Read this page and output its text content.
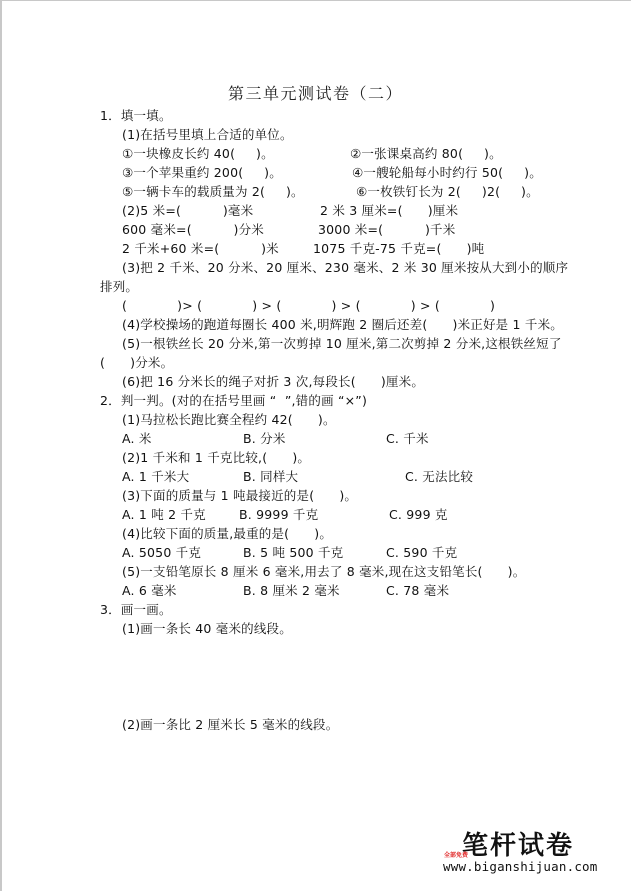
第三单元测试卷（二）
1．填一填。
(1)在括号里填上合适的单位。
①一块橡皮长约 40(     )。	②一张课桌高约 80(     )。
③一个苹果重约 200(     )。	④一艘轮船每小时约行 50(     )。
⑤一辆卡车的载质量为 2(     )。	⑥一枚铁钉长为 2(     )2(     )。
(2)5 米=(          )毫米	2 米 3 厘米=(      )厘米
600 毫米=(          )分米	3000 米=(          )千米
2 千米+60 米=(          )米	1075 千克-75 千克=(      )吨
(3)把 2 千米、20 分米、20 厘米、230 毫米、2 米 30 厘米按从大到小的顺序
排列。
(            )> (            ) > (            ) > (            ) > (            )
(4)学校操场的跑道每圈长 400 米,明辉跑 2 圈后还差(      )米正好是 1 千米。
(5)一根铁丝长 20 分米,第一次剪掉 10 厘米,第二次剪掉 2 分米,这根铁丝短了
(      )分米。
(6)把 16 分米长的绳子对折 3 次,每段长(      )厘米。
2．判一判。(对的在括号里画 “  ”,错的画 “×”)
(1)马拉松长跑比赛全程约 42(      )。
A. 米	B. 分米	C. 千米
(2)1 千米和 1 千克比较,(      )。
A. 1 千米大	B. 同样大	C. 无法比较
(3)下面的质量与 1 吨最接近的是(      )。
A. 1 吨 2 千克	B. 9999 千克	C. 999 克
(4)比较下面的质量,最重的是(      )。
A. 5050 千克	B. 5 吨 500 千克	C. 590 千克
(5)一支铅笔原长 8 厘米 6 毫米,用去了 8 毫米,现在这支铅笔长(      )。
A. 6 毫米	B. 8 厘米 2 毫米	C. 78 毫米
3．画一画。
(1)画一条长 40 毫米的线段。
(2)画一条比 2 厘米长 5 毫米的线段。
笔杆试卷
全部免费
www.biganshijuan.com
